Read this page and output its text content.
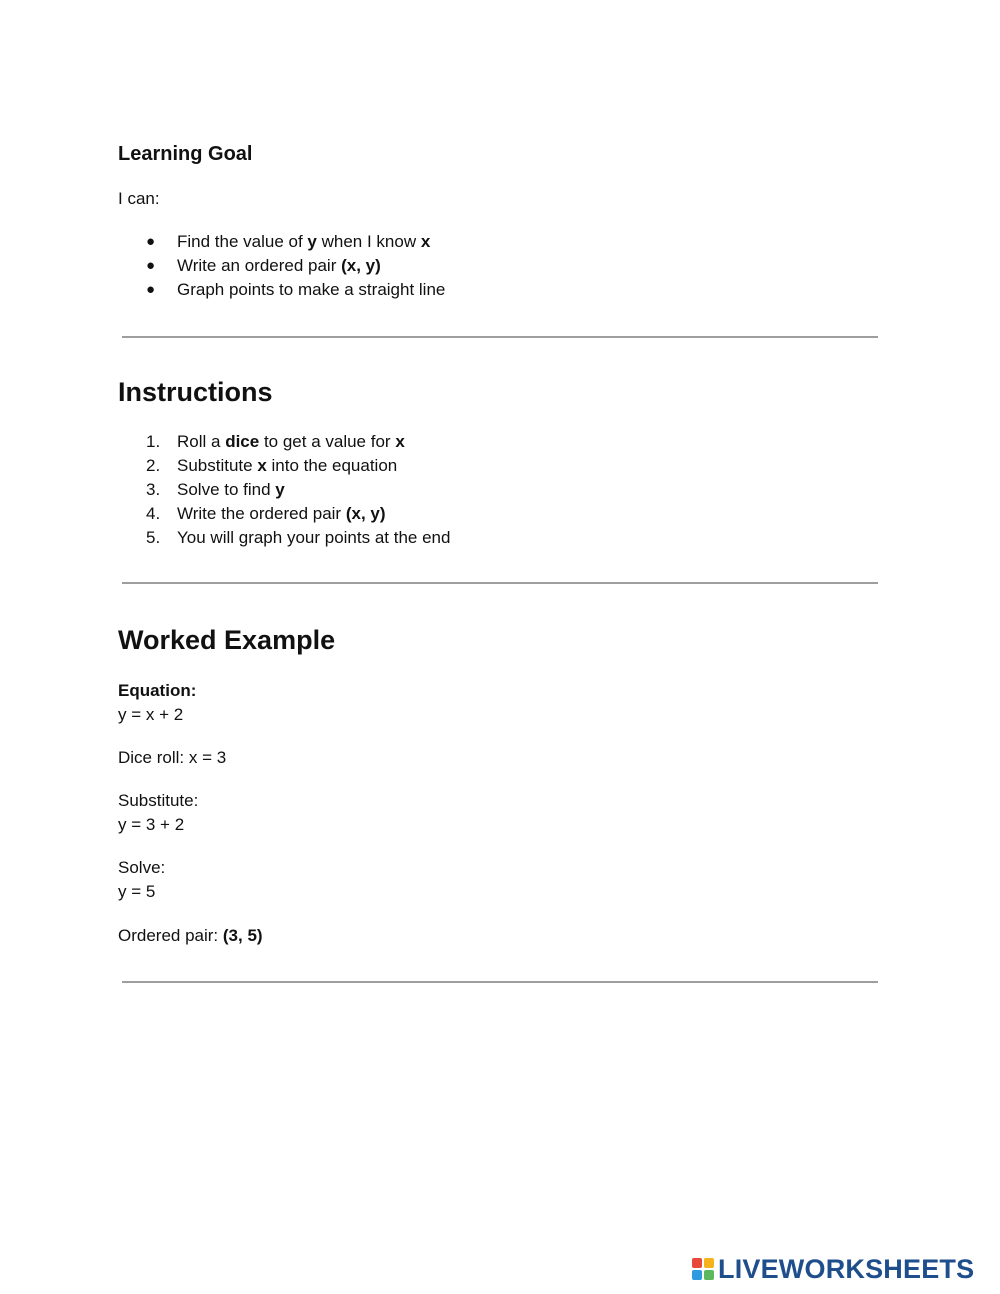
Learning Goal

I can:

● Find the value of y when I know x
● Write an ordered pair (x, y)
● Graph points to make a straight line
Instructions
1. Roll a dice to get a value for x
2. Substitute x into the equation
3. Solve to find y
4. Write the ordered pair (x, y)
5. You will graph your points at the end
Worked Example

Equation:

y = x + 2

Dice roll: x = 3

Substitute:

y = 3 + 2

Solve:

y = 5

Ordered pair: (3, 5)

LIVEWORKSHEETS
